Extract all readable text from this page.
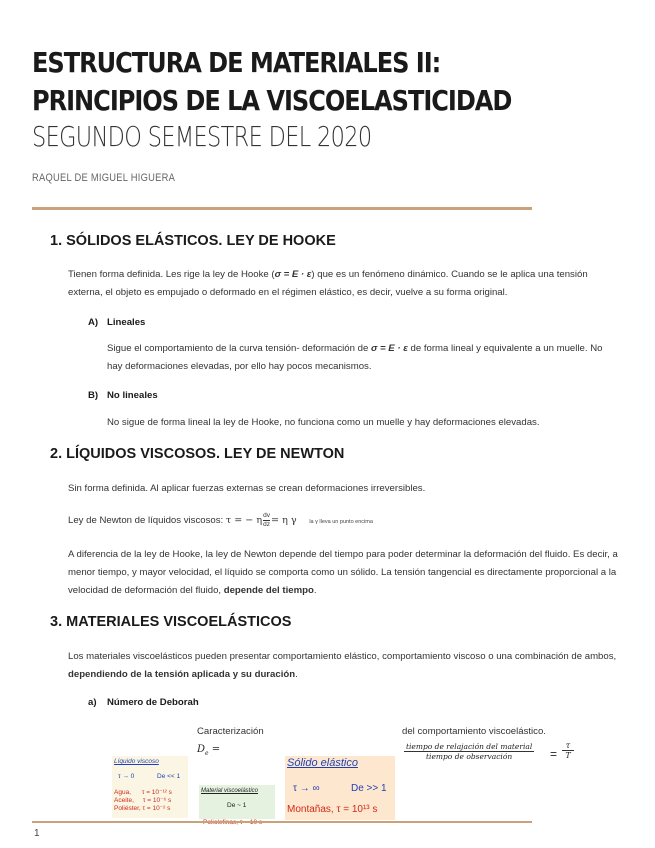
ESTRUCTURA DE MATERIALES II: PRINCIPIOS DE LA VISCOELASTICIDAD
SEGUNDO SEMESTRE DEL 2020
RAQUEL DE MIGUEL HIGUERA
1. SÓLIDOS ELÁSTICOS. LEY DE HOOKE
Tienen forma definida. Les rige la ley de Hooke (σ = E · ε) que es un fenómeno dinámico. Cuando se le aplica una tensión externa, el objeto es empujado o deformado en el régimen elástico, es decir, vuelve a su forma original.
A) Lineales
Sigue el comportamiento de la curva tensión- deformación de σ = E · ε de forma lineal y equivalente a un muelle. No hay deformaciones elevadas, por ello hay pocos mecanismos.
B) No lineales
No sigue de forma lineal la ley de Hooke, no funciona como un muelle y hay deformaciones elevadas.
2. LÍQUIDOS VISCOSOS. LEY DE NEWTON
Sin forma definida. Al aplicar fuerzas externas se crean deformaciones irreversibles.
Ley de Newton de líquidos viscosos: τ = − η $\frac{dv}{dz} = \eta$ γ la γ lleva un punto encima
A diferencia de la ley de Hooke, la ley de Newton depende del tiempo para poder determinar la deformación del fluido. Es decir, a menor tiempo, y mayor velocidad, el líquido se comporta como un sólido. La tensión tangencial es directamente proporcional a la velocidad de deformación del fluido, depende del tiempo.
3. MATERIALES VISCOELÁSTICOS
Los materiales viscoelásticos pueden presentar comportamiento elástico, comportamiento viscoso o una combinación de ambos, dependiendo de la tensión aplicada y su duración.
a) Número de Deborah
Caracterización	del comportamiento viscoelástico.
$D_e$ =	tiempo de relajación del material
tiempo de observación	=
τ
T
Líquido viscoso
τ → 0	De << 1
Agua,      τ = 10⁻¹² s
Aceite,     τ = 10⁻⁶ s
Poliéster, τ = 10⁻² s
Material viscoelástico
De ~ 1
Sólido elástico
τ → ∞	De >> 1
Montañas, τ = 10¹³ s
1
